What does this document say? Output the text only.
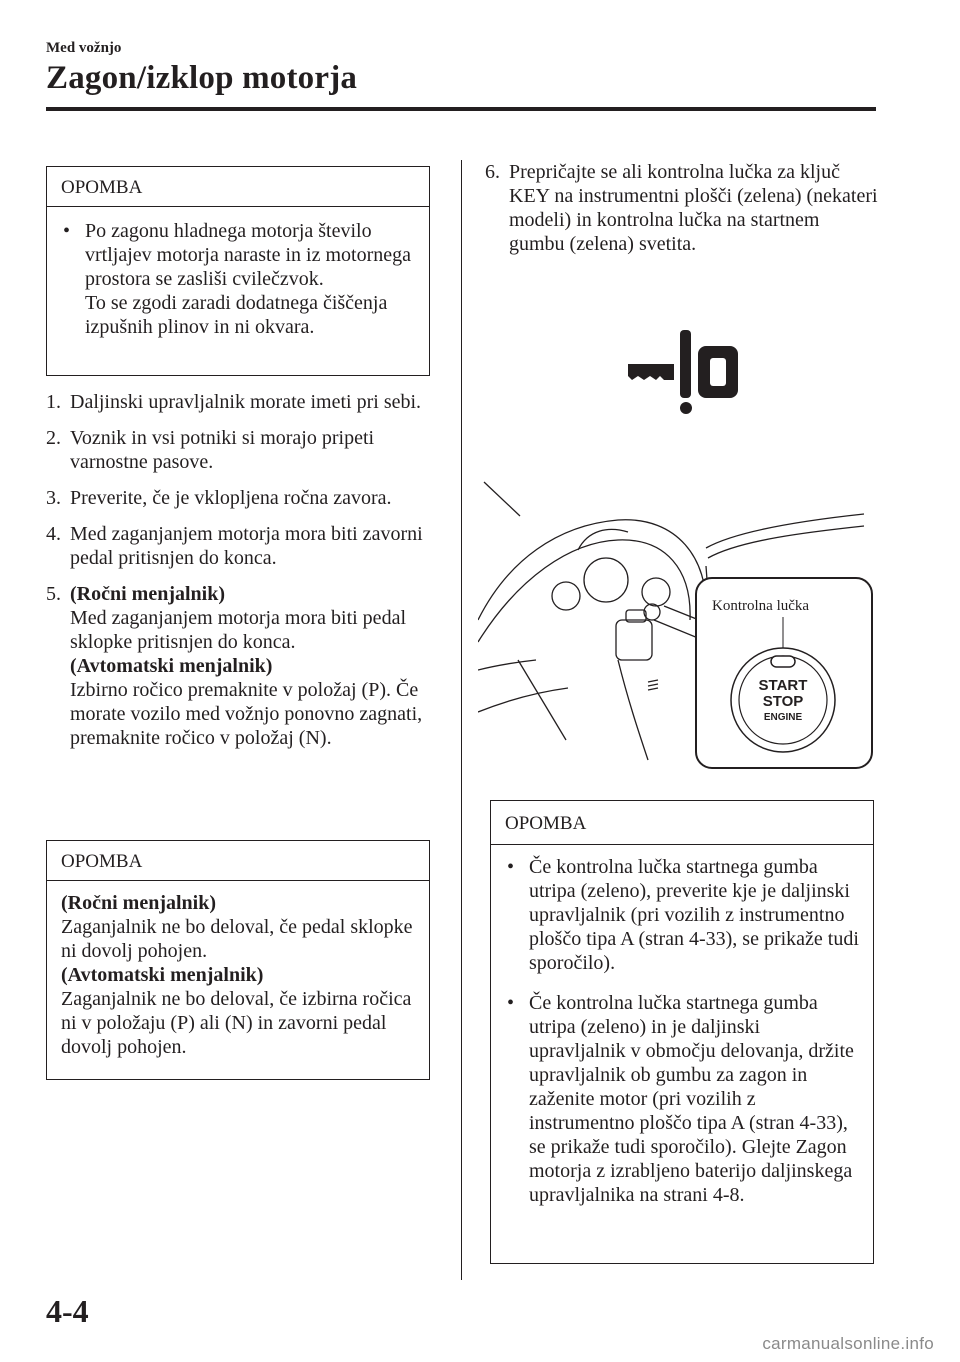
Med vožnjo
Zagon/izklop motorja
OPOMBA
• Po zagonu hladnega motorja število vrtljajev motorja naraste in iz motornega prostora se zasliši cvilečzvok.
To se zgodi zaradi dodatnega čiščenja izpušnih plinov in ni okvara.
1. Daljinski upravljalnik morate imeti pri sebi.
2. Voznik in vsi potniki si morajo pripeti varnostne pasove.
3. Preverite, če je vklopljena ročna zavora.
4. Med zaganjanjem motorja mora biti zavorni pedal pritisnjen do konca.
5. (Ročni menjalnik)
Med zaganjanjem motorja mora biti pedal sklopke pritisnjen do konca.
(Avtomatski menjalnik)
Izbirno ročico premaknite v položaj (P). Če morate vozilo med vožnjo ponovno zagnati, premaknite ročico v položaj (N).
OPOMBA
(Ročni menjalnik)
Zaganjalnik ne bo deloval, če pedal sklopke ni dovolj pohojen.
(Avtomatski menjalnik)
Zaganjalnik ne bo deloval, če izbirna ročica ni v položaju (P) ali (N) in zavorni pedal dovolj pohojen.
6. Prepričajte se ali kontrolna lučka za ključ KEY na instrumentni plošči (zelena) (nekateri modeli) in kontrolna lučka na startnem gumbu (zelena) svetita.
Kontrolna lučka
START
STOP
ENGINE
OPOMBA
• Če kontrolna lučka startnega gumba utripa (zeleno), preverite kje je daljinski upravljalnik (pri vozilih z instrumentno ploščo tipa A (stran 4-33), se prikaže tudi sporočilo).
• Če kontrolna lučka startnega gumba utripa (zeleno) in je daljinski upravljalnik v območju delovanja, držite upravljalnik ob gumbu za zagon in zaženite motor (pri vozilih z instrumentno ploščo tipa A (stran 4-33), se prikaže tudi sporočilo). Glejte Zagon motorja z izrabljeno baterijo daljinskega upravljalnika na strani 4-8.
4-4
carmanualsonline.info
